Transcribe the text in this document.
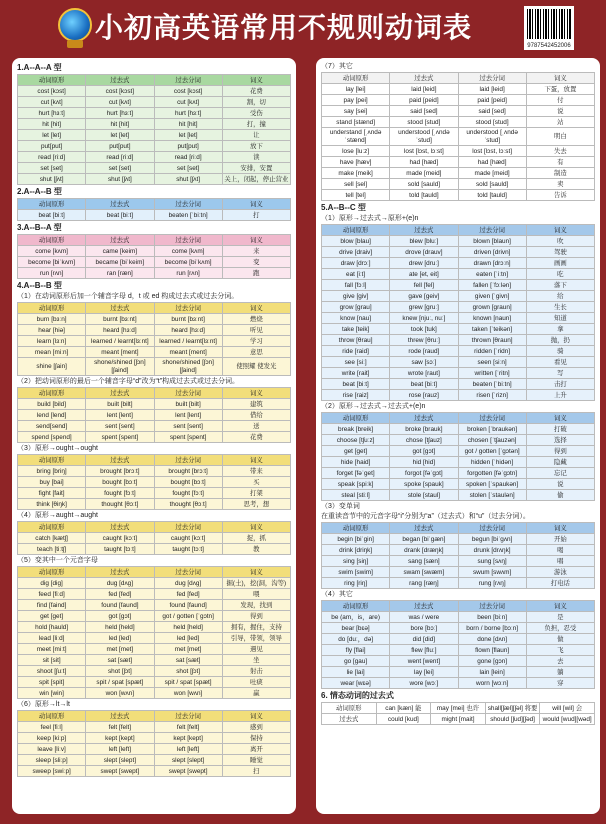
小初高英语常用不规则动词表
9787542452006
1.A--A--A 型
动词原形	过去式	过去分词	词义
cost [kɔst]	cost [kɔst]	cost [kɔst]	花费
cut [kʌt]	cut [kʌt]	cut [kʌt]	割，切
hurt [hɜːt]	hurt [hɜːt]	hurt [hɜːt]	受伤
hit [hit]	hit [hit]	hit [hit]	打，撞
let [let]	let [let]	let [let]	让
put[put]	put[put]	put[put]	放下
read [riːd]	read [riːd]	read [riːd]	读
set [set]	set [set]	set [set]	安排，安置
shut [ʃʌt]	shut [ʃʌt]	shut [ʃʌt]	关上，闭起，停止营业
2.A--A--B 型
动词原形	过去式	过去分词	词义
beat [biːt]	beat [biːt]	beaten [ˈbiːtn]	打
3.A--B--A 型
动词原形	过去式	过去分词	词义
come [kʌm]	came [keim]	come [kʌm]	来
become [biˈkʌm]	became [biˈkeim]	become [biˈkʌm]	变
run [rʌn]	ran [ræn]	run [rʌn]	跑
4.A--B--B 型
（1）在动词原形后加一个辅音字母 d，t 或 ed 构成过去式或过去分词。
动词原形	过去式	过去分词	词义
burn [bɜːn]	burnt [bɜːnt]	burnt [bɜːnt]	燃烧
hear [hiə]	heard [hɜːd]	heard [hɜːd]	听见
learn [lɜːn]	learned / learnt[lɜːnt]	learned / learnt[lɜːnt]	学习
mean [miːn]	meant [ment]	meant [ment]	意思
shine [ʃain]	shone/shined [ʃɔn][ʃaind]	shone/shined [ʃɔn][ʃaind]	使照耀 使发光
（2）把动词原形的最后一个辅音字母“d”改为“t”构成过去式或过去分词。
动词原形	过去式	过去分词	词义
build [bild]	built [bilt]	built [bilt]	建筑
lend [lend]	lent [lent]	lent [lent]	借给
send[send]	sent [sent]	sent [sent]	送
spend [spend]	spent [spent]	spent [spent]	花费
（3）原形→ought→ought
动词原形	过去式	过去分词	词义
bring [briŋ]	brought [brɔːt]	brought [brɔːt]	带来
buy [bai]	bought [bɔːt]	bought [bɔːt]	买
fight [fait]	fought [fɔːt]	fought [fɔːt]	打架
think [θiŋk]	thought [θɔːt]	thought [θɔːt]	思考，想
（4）原形→aught→aught
动词原形	过去式	过去分词	词义
catch [kætʃ]	caught [kɔːt]	caught [kɔːt]	捉，抓
teach [tiːtʃ]	taught [tɔːt]	taught [tɔːt]	教
（5）变其中一个元音字母
动词原形	过去式	过去分词	词义
dig [dig]	dug [dʌg]	dug [dʌg]	掘(土)，挖(洞，沟等)
feed [fiːd]	fed [fed]	fed [fed]	喂
find [faind]	found [faund]	found [faund]	发现，找到
get [get]	got [gɔt]	got / gotten [ˈgɔtn]	得到
hold [hauld]	held [held]	held [held]	拥有，握住，支持
lead [liːd]	led [led]	led [led]	引导，带领，领导
meet [miːt]	met [met]	met [met]	遇见
sit [sit]	sat [sæt]	sat [sæt]	坐
shoot [ʃuːt]	shot [ʃɔt]	shot [ʃɔt]	射击
spit [spit]	spit / spat [spæt]	spit / spat [spæt]	吐痰
win [win]	won [wʌn]	won [wʌn]	赢
（6）原形→lt→lt
动词原形	过去式	过去分词	词义
feel [fiːl]	felt [felt]	felt [felt]	感到
keep [kiːp]	kept [kept]	kept [kept]	保持
leave [liːv]	left [left]	left [left]	离开
sleep [sliːp]	slept [slept]	slept [slept]	睡觉
sweep [swiːp]	swept [swept]	swept [swept]	扫
（7）其它
动词原形	过去式	过去分词	词义
lay [lei]	laid [leid]	laid [leid]	下蛋，放置
pay [pei]	paid [peid]	paid [peid]	付
say [sei]	said [sed]	said [sed]	说
stand [stænd]	stood [stud]	stood [stud]	站
understand [ˌʌndəˈstænd]	understood [ˌʌndəˈstud]	understood [ˌʌndəˈstud]	明白
lose [luːz]	lost [lɔst, lɔːst]	lost [lɔst, lɔːst]	失去
have [hæv]	had [hæd]	had [hæd]	有
make [meik]	made [meid]	made [meid]	制造
sell [sel]	sold [sauld]	sold [sauld]	卖
tell [tel]	told [tauld]	told [tauld]	告诉
5.A--B--C 型
（1）原形→过去式→原形+(e)n
动词原形	过去式	过去分词	词义
blow [blau]	blew [bluː]	blown [blaun]	吹
drive [draiv]	drove [drauv]	driven [drivn]	驾驶
draw [drɔː]	drew [druː]	drawn [drɔːn]	画画
eat [iːt]	ate [et, eit]	eaten [ˈiːtn]	吃
fall [fɔːl]	fell [fel]	fallen [ˈfɔːlən]	落下
give [giv]	gave [geiv]	given [ˈgivn]	给
grow [grau]	grew [gruː]	grown [graun]	生长
know [nau]	knew [njuː, nuː]	known [naun]	知道
take [teik]	took [tuk]	taken [ˈteikən]	拿
throw [θrau]	threw [θruː]	thrown [θraun]	抛，扔
ride [raid]	rode [raud]	ridden [ˈridn]	骑
see [siː]	saw [sɔː]	seen [siːn]	看见
write [rait]	wrote [raut]	written [ˈritn]	写
beat [biːt]	beat [biːt]	beaten [ˈbiːtn]	击打
rise [raiz]	rose [rauz]	risen [ˈrizn]	上升
（2）原形→过去式→过去式+(e)n
动词原形	过去式	过去分词	词义
break [breik]	broke [brauk]	broken [ˈbraukən]	打破
choose [tʃuːz]	chose [tʃauz]	chosen [ˈtʃauzən]	选择
get [get]	got [gɔt]	got / gotten [ˈgɔtən]	得到
hide [haid]	hid [hid]	hidden [ˈhidən]	隐藏
forget [fəˈget]	forgot [fəˈgɔt]	forgotten [fəˈgɔtn]	忘记
speak [spiːk]	spoke [spauk]	spoken [ˈspaukən]	说
steal [stiːl]	stole [staul]	stolen [ˈstaulən]	偷
（3）变单词
在重读音节中的元音字母“i”分别为“a”（过去式）和“u”（过去分词）。
动词原形	过去式	过去分词	词义
begin [biˈgin]	began [biˈgæn]	begun [biˈgʌn]	开始
drink [driŋk]	drank [dræŋk]	drunk [drʌŋk]	喝
sing [siŋ]	sang [sæn]	sung [sʌŋ]	唱
swim [swim]	swam [swæm]	swum [swʌm]	游泳
ring [riŋ]	rang [ræŋ]	rung [rʌŋ]	打电话
（4）其它
动词原形	过去式	过去分词	词义
be (am，is，are)	was / were	been [biːn]	是
bear [bɛə]	bore [bɔː]	born / borne [bɔːn]	负担，忍受
do [duː，də]	did [did]	done [dʌn]	做
fly [flai]	flew [fluː]	flown [flaun]	飞
go [gau]	went [went]	gone [gɔn]	去
lie [lai]	lay [lei]	lain [lein]	躺
wear [wɛə]	wore [wɔː]	worn [wɔːn]	穿
6. 情态动词的过去式
动词原形	can [kæn] 能	may [mei] 也许	shall[ʃæl][ʃəl] 将要	will [wil] 会
过去式	could [kud]	might [mait]	should [ʃud][ʃəd]	would [wud][wəd]
